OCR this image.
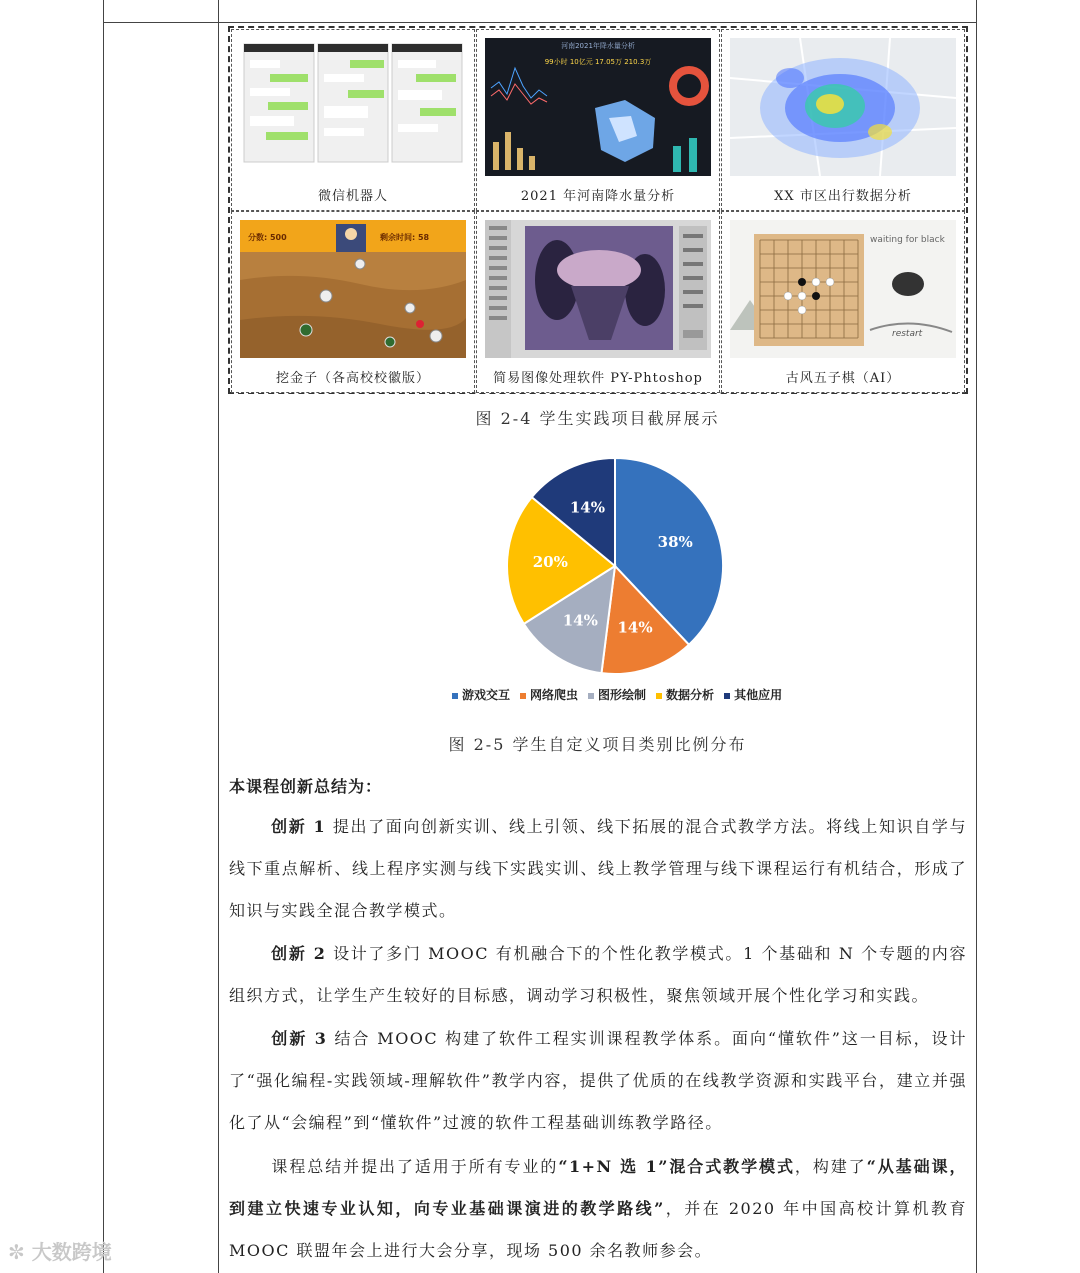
微信机器人
河南2021年降水量分析
99小时 10亿元 17.05万 210.3万
2021 年河南降水量分析	XX 市区出行数据分析
分数: 500	剩余时间: 58
挖金子（各高校校徽版）	简易图像处理软件 PY-Phtoshop
waiting for black
restart
古风五子棋（AI）
图 2-4 学生实践项目截屏展示
38%
14%
14%
20%
14%
游戏交互 网络爬虫 图形绘制 数据分析 其他应用
图 2-5 学生自定义项目类别比例分布
本课程创新总结为：
创新 1 提出了面向创新实训、线上引领、线下拓展的混合式教学方法。将线上知识自学与线下重点解析、线上程序实测与线下实践实训、线上教学管理与线下课程运行有机结合，形成了知识与实践全混合教学模式。
创新 2 设计了多门 MOOC 有机融合下的个性化教学模式。1 个基础和 N 个专题的内容组织方式，让学生产生较好的目标感，调动学习积极性，聚焦领域开展个性化学习和实践。
创新 3 结合 MOOC 构建了软件工程实训课程教学体系。面向“懂软件”这一目标，设计了“强化编程-实践领域-理解软件”教学内容，提供了优质的在线教学资源和实践平台，建立并强化了从“会编程”到“懂软件”过渡的软件工程基础训练教学路径。
课程总结并提出了适用于所有专业的“1+N 选 1”混合式教学模式，构建了“从基础课，到建立快速专业认知，向专业基础课演进的教学路线”，并在 2020 年中国高校计算机教育 MOOC 联盟年会上进行大会分享，现场 500 余名教师参会。
✼ 大数跨境
